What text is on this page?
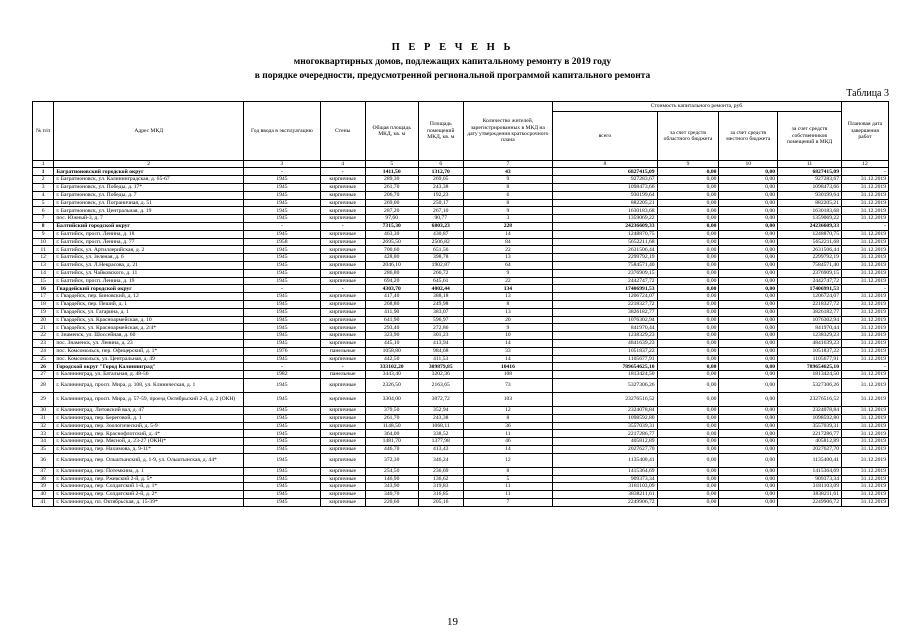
П Е Р Е Ч Е Н Ь
многоквартирных домов, подлежащих капитальному ремонту в 2019 году
в порядке очередности, предусмотренной региональной программой капитального ремонта
Таблица 3
№ п/п	Адрес МКД	Год ввода в эксплуатацию	Стены	Общая площадь МКД, кв. м	Площадь помещений МКД, кв. м	Количество жителей, зарегистрированных в МКД на дату утверждения краткосрочного плана	Стоимость капитального ремонта, руб.				Плановая дата завершения работ
							всего	за счет средств областного бюджета	за счет средств местного бюджета	за счет средств собственников помещений в МКД	
1	2	3	4	5	6	7	8	9	10	11	12
1	Багратионовский городской округ	-	-	1411,50	1312,70	43	6827415,09	0,00	0,00	6827415,09	-
2	г. Багратионовск, ул. Калининградская, д. 65-67	1945	кирпичные	289,30	269,05	9	927283,67	0,00	0,00	927283,67	31.12.2019
3	г. Багратионовск, ул. Победы, д. 17*	1945	кирпичные	261,70	243,38	8	1098473,66	0,00	0,00	1098473,66	31.12.2019
4	г. Багратионовск, ул. Победы, д. 7	1945	кирпичные	206,70	192,23	6	930199,64	0,00	0,00	930199,64	31.12.2019
5	г. Багратионовск, ул. Пограничная, д. 51	1945	кирпичные	269,00	250,17	8	882205,21	0,00	0,00	882205,21	31.12.2019
6	г. Багратионовск, ул. Центральная, д. 19	1945	кирпичные	287,20	267,10	9	1630183,68	0,00	0,00	1630183,68	31.12.2019
7	пос. Южный-3, д. 7	1945	кирпичные	97,60	90,77	3	1359069,22	0,00	0,00	1359069,22	31.12.2019
8	Балтийский городской округ	-	-	7315,30	6803,23	228	24236609,33	0,00	0,00	24236609,33	-
9	г. Балтийск, просп. Ленина, д. 18	1945	кирпичные	463,30	430,87	14	1248870,75	0,00	0,00	1248870,75	31.12.2019
10	г. Балтийск, просп. Ленина, д. 77	1958	кирпичные	2695,50	2506,82	84	5652211,68	0,00	0,00	5652211,68	31.12.2019
11	г. Балтийск, ул. Артиллерийская, д. 2	1945	кирпичные	700,60	651,56	22	2631506,44	0,00	0,00	2631506,44	31.12.2019
12	г. Балтийск, ул. Зеленая, д. 6	1945	кирпичные	428,80	398,78	13	2299792,19	0,00	0,00	2299792,19	31.12.2019
13	г. Балтийск, ул. Л.Некрасова, д. 21	1945	кирпичные	2046,10	1902,87	64	7584571,40	0,00	0,00	7584571,40	31.12.2019
14	г. Балтийск, ул. Чайковского, д. 11	1945	кирпичные	286,80	266,72	9	2376909,15	0,00	0,00	2376909,15	31.12.2019
15	г. Балтийск, просп. Ленина, д. 19	1945	кирпичные	694,20	645,61	22	2442747,72	0,00	0,00	2442747,72	31.12.2019
16	Гвардейский городской округ	-	-	4303,70	4002,44	134	17406991,53	0,00	0,00	17406991,53	-
17	г. Гвардейск, пер. Биновский, д. 12	1945	кирпичные	417,40	388,18	13	1206724,07	0,00	0,00	1206724,07	31.12.2019
18	г. Гвардейск, пер. Пеший, д. 1	1945	кирпичные	268,80	249,98	8	2218327,72	0,00	0,00	2218327,72	31.12.2019
19	г. Гвардейск, ул. Гагарина, д. 1	1945	кирпичные	411,90	383,07	13	3826182,77	0,00	0,00	3826182,77	31.12.2019
20	г. Гвардейск, ул. Красноармейская, д. 10	1945	кирпичные	641,90	596,97	20	1076302,94	0,00	0,00	1076302,94	31.12.2019
21	г. Гвардейск, ул. Красноармейская, д. 2/4*	1945	кирпичные	293,40	272,86	9	841970,44	0,00	0,00	841970,44	31.12.2019
22	г. Знаменск, ул. Шоссейная, д. 60	1945	кирпичные	323,90	301,23	10	1238329,23	0,00	0,00	1238329,23	31.12.2019
23	пос. Знаменск, ул. Ленина, д. 23	1945	кирпичные	445,10	413,94	14	4841639,23	0,00	0,00	4841639,23	31.12.2019
24	пос. Комсомольск, пер. Офицерский, д. 1*	1976	панельные	1058,80	984,68	33	1051837,22	0,00	0,00	1051837,22	31.12.2019
25	пос. Комсомольск, ул. Центральная, д. 49	1945	кирпичные	442,50	411,53	14	1105677,91	0,00	0,00	1105677,91	31.12.2019
26	Городской округ "Город Калининград"	-	-	333102,20	309879,85	10416	789654625,10	0,00	0,00	789654625,10	-
27	г. Калининград, ул. Батальная, д. 48-56	1982	панельные	3443,40	3202,36	108	1813424,50	0,00	0,00	1813424,50	31.12.2019
28	г. Калининград, просп. Мира, д. 108, ул. Клиническая, д. 1	1945	кирпичные	2326,50	2163,65	73	5327306,26	0,00	0,00	5327306,26	31.12.2019
29	г. Калининград, просп. Мира, д. 57-59, проезд Октябрьский 2-й, д. 2 (ОКН)	1945	кирпичные	3304,00	3072,72	103	23276516,52	0,00	0,00	23276516,52	31.12.2019
30	г. Калининград, Литовский вал, д. 47	1945	кирпичные	379,50	352,94	12	2324078,84	0,00	0,00	2324078,84	31.12.2019
31	г. Калининград, пер. Береговой, д. 1	1945	кирпичные	261,70	243,38	8	1098592,80	0,00	0,00	1098592,80	31.12.2019
32	г. Калининград, пер. Зоологический, д. 5-9	1945	кирпичные	1148,50	1068,11	36	3557039,31	0,00	0,00	3557039,31	31.12.2019
33	г. Калининград, пер. Краснофлотский, д. 4*	1945	кирпичные	364,00	338,52	11	2217286,77	0,00	0,00	2217286,77	31.12.2019
34	г. Калининград, пер. Мясной, д. 23-27 (ОКН)*	1945	кирпичные	1481,70	1377,98	46	405812,89	0,00	0,00	405812,89	31.12.2019
35	г. Калининград, пер. Нахимова, д. 9-11*	1945	кирпичные	446,70	413,43	14	2027627,70	0,00	0,00	2027627,70	31.12.2019
36	г. Калининград, пер. Ольштынский, д. 1-9, ул. Ольштынская, д. 44*	1945	кирпичные	372,30	346,24	12	1135400,41	0,00	0,00	1135400,41	31.12.2019
37	г. Калининград, пер. Потемкина, д. 1	1945	кирпичные	254,50	236,69	8	1415364,69	0,00	0,00	1415364,69	31.12.2019
38	г. Калининград, пер. Ржевский 2-й, д. 5*	1945	кирпичные	146,90	136,62	5	909373,34	0,00	0,00	909373,34	31.12.2019
39	г. Калининград, пер. Солдатский 1-й, д. 1*	1945	кирпичные	343,90	319,83	11	3181103,09	0,00	0,00	3181103,09	31.12.2019
40	г. Калининград, пер. Солдатский 2-й, д. 2*	1945	кирпичные	340,70	316,85	11	3838211,61	0,00	0,00	3838211,61	31.12.2019
41	г. Калининград, пл. Октябрьская, д. 15-39*	1945	кирпичные	220,60	205,16	7	2249906,72	0,00	0,00	2249906,72	31.12.2019
19
